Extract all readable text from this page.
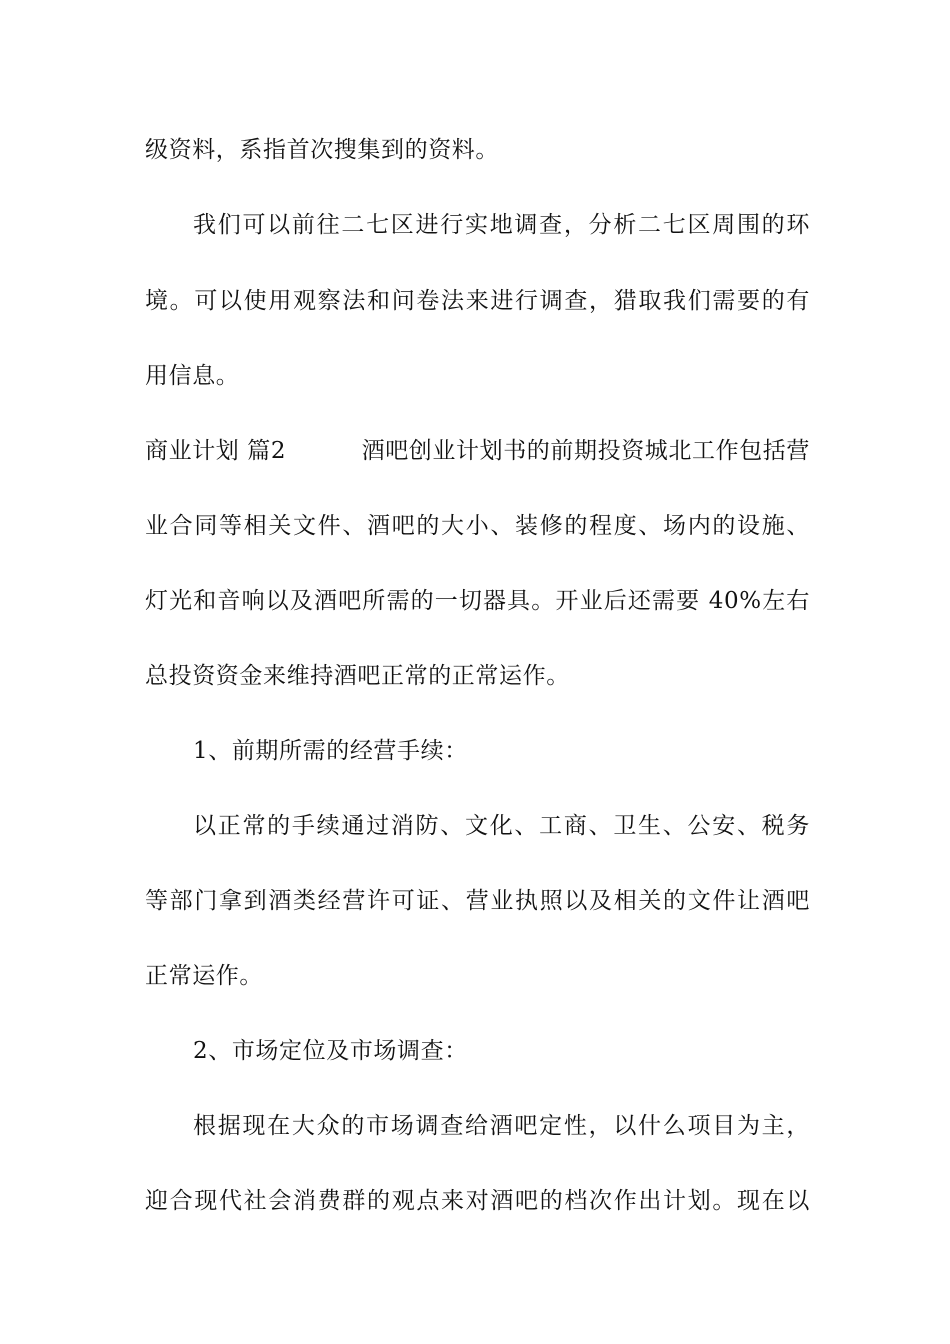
级资料，系指首次搜集到的资料。
我们可以前往二七区进行实地调查，分析二七区周围的环
境。可以使用观察法和问卷法来进行调查，猎取我们需要的有
用信息。
商业计划 篇2	酒吧创业计划书的前期投资城北工作包括营
业合同等相关文件、酒吧的大小、装修的程度、场内的设施、
灯光和音响以及酒吧所需的一切器具。开业后还需要 40%左右
总投资资金来维持酒吧正常的正常运作。
1、前期所需的经营手续：
以正常的手续通过消防、文化、工商、卫生、公安、税务
等部门拿到酒类经营许可证、营业执照以及相关的文件让酒吧
正常运作。
2、市场定位及市场调查：
根据现在大众的市场调查给酒吧定性，以什么项目为主，
迎合现代社会消费群的观点来对酒吧的档次作出计划。现在以
